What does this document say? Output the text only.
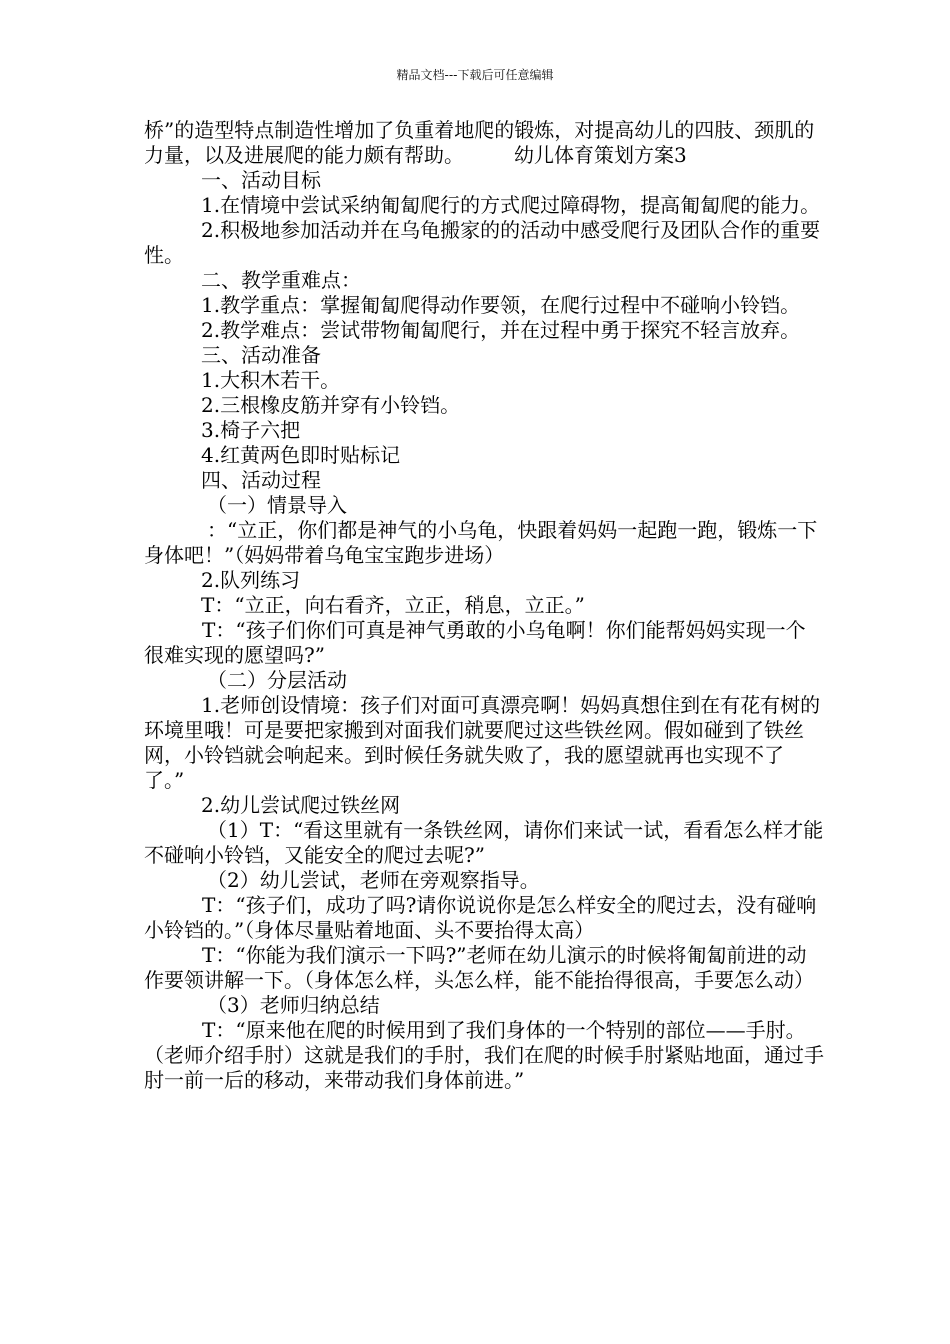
精品文档---下载后可任意编辑

桥”的造型特点制造性增加了负重着地爬的锻炼，对提高幼儿的四肢、颈肌的力量，以及进展爬的能力颇有帮助。　　　幼儿体育策划方案3

一、活动目标

1.在情境中尝试采纳匍匐爬行的方式爬过障碍物，提高匍匐爬的能力。

2.积极地参加活动并在乌龟搬家的的活动中感受爬行及团队合作的重要性。

二、教学重难点：

1.教学重点：掌握匍匐爬得动作要领，在爬行过程中不碰响小铃铛。

2.教学难点：尝试带物匍匐爬行，并在过程中勇于探究不轻言放弃。

三、活动准备

1.大积木若干。

2.三根橡皮筋并穿有小铃铛。

3.椅子六把

4.红黄两色即时贴标记

四、活动过程

（一）情景导入

：“立正，你们都是神气的小乌龟，快跟着妈妈一起跑一跑，锻炼一下身体吧！”（妈妈带着乌龟宝宝跑步进场）

2.队列练习

T：“立正，向右看齐，立正，稍息，立正。”

T：“孩子们你们可真是神气勇敢的小乌龟啊！你们能帮妈妈实现一个很难实现的愿望吗?”

（二）分层活动

1.老师创设情境：孩子们对面可真漂亮啊！妈妈真想住到在有花有树的环境里哦！可是要把家搬到对面我们就要爬过这些铁丝网。假如碰到了铁丝网，小铃铛就会响起来。到时候任务就失败了，我的愿望就再也实现不了了。”

2.幼儿尝试爬过铁丝网

（1）T：“看这里就有一条铁丝网，请你们来试一试，看看怎么样才能不碰响小铃铛，又能安全的爬过去呢?”

（2）幼儿尝试，老师在旁观察指导。

T：“孩子们，成功了吗?请你说说你是怎么样安全的爬过去，没有碰响小铃铛的。”（身体尽量贴着地面、头不要抬得太高）

T：“你能为我们演示一下吗?”老师在幼儿演示的时候将匍匐前进的动作要领讲解一下。（身体怎么样，头怎么样，能不能抬得很高，手要怎么动）

（3）老师归纳总结

T：“原来他在爬的时候用到了我们身体的一个特别的部位——手肘。（老师介绍手肘）这就是我们的手肘，我们在爬的时候手肘紧贴地面，通过手肘一前一后的移动，来带动我们身体前进。”
